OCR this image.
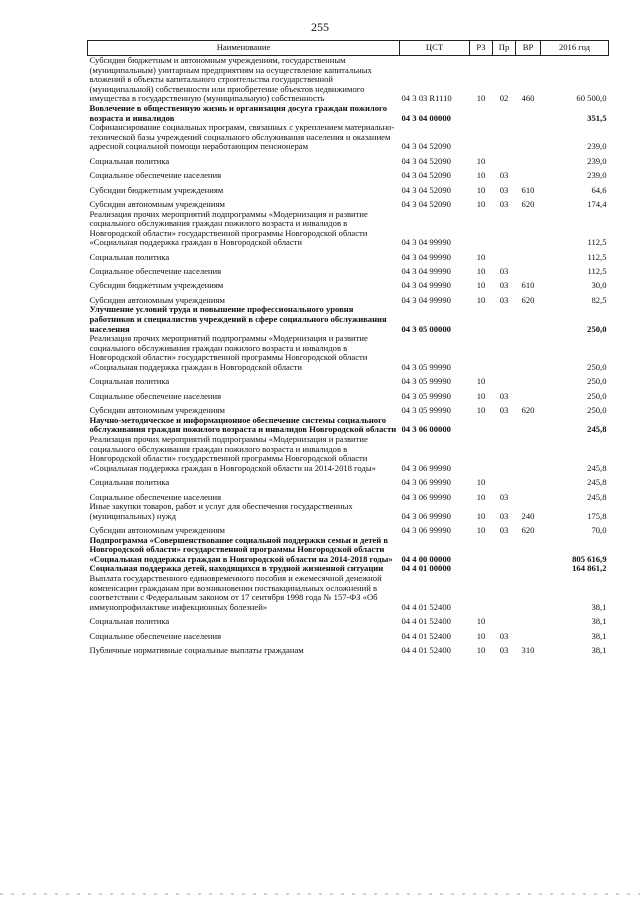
255
Наименование	ЦСТ	РЗ	Пр	ВР	2016 год
Субсидии бюджетным и автономным учреждениям, государственным (муниципальным) унитарным предприятиям на осуществление капитальных вложений в объекты капитального строительства государственной (муниципальной) собственности или приобретение объектов недвижимого имущества в государственную (муниципальную) собственность	04 3 03 R1110	10	02	460	60 500,0
Вовлечение в общественную жизнь и организация досуга граждан пожилого возраста и инвалидов	04 3 04 00000				351,5
Софинансирование социальных программ, связанных с укреплением материально-технической базы учреждений социального обслуживания населения и оказанием адресной социальной помощи неработающим пенсионерам	04 3 04 52090				239,0
Социальная политика	04 3 04 52090	10			239,0
Социальное обеспечение населения	04 3 04 52090	10	03		239,0
Субсидии бюджетным учреждениям	04 3 04 52090	10	03	610	64,6
Субсидии автономным учреждениям	04 3 04 52090	10	03	620	174,4
Реализация прочих мероприятий подпрограммы «Модернизация и развитие социального обслуживания граждан пожилого возраста и инвалидов в Новгородской области» государственной программы Новгородской области «Социальная поддержка граждан в Новгородской области	04 3 04 99990				112,5
Социальная политика	04 3 04 99990	10			112,5
Социальное обеспечение населения	04 3 04 99990	10	03		112,5
Субсидии бюджетным учреждениям	04 3 04 99990	10	03	610	30,0
Субсидии автономным учреждениям	04 3 04 99990	10	03	620	82,5
Улучшение условий труда и повышение профессионального уровня работников и специалистов учреждений в сфере социального обслуживания населения	04 3 05 00000				250,0
Реализация прочих мероприятий подпрограммы «Модернизация и развитие социального обслуживания граждан пожилого возраста и инвалидов в Новгородской области» государственной программы Новгородской области «Социальная поддержка граждан в Новгородской области	04 3 05 99990				250,0
Социальная политика	04 3 05 99990	10			250,0
Социальное обеспечение населения	04 3 05 99990	10	03		250,0
Субсидии автономным учреждениям	04 3 05 99990	10	03	620	250,0
Научно-методическое и информационное обеспечение системы социального обслуживания граждан пожилого возраста и инвалидов Новгородской области	04 3 06 00000				245,8
Реализация прочих мероприятий подпрограммы «Модернизация и развитие социального обслуживания граждан пожилого возраста и инвалидов в Новгородской области» государственной программы Новгородской области «Социальная поддержка граждан в Новгородской области на 2014-2018 годы»	04 3 06 99990				245,8
Социальная политика	04 3 06 99990	10			245,8
Социальное обеспечение населения	04 3 06 99990	10	03		245,8
Иные закупки товаров, работ и услуг для обеспечения государственных (муниципальных) нужд	04 3 06 99990	10	03	240	175,8
Субсидии автономным учреждениям	04 3 06 99990	10	03	620	70,0
Подпрограмма «Совершенствование социальной поддержки семьи и детей в Новгородской области» государственной программы Новгородской области «Социальная поддержка граждан в Новгородской области на 2014-2018 годы»	04 4 00 00000				805 616,9
Социальная поддержка детей, находящихся в трудной жизненной ситуации	04 4 01 00000				164 861,2
Выплата государственного единовременного пособия и ежемесячной денежной компенсации гражданам при возникновении поствакцинальных осложнений в соответствии с Федеральным законом от 17 сентября 1998 года № 157-ФЗ «Об иммунопрофилактике инфекционных болезней»	04 4 01 52400				38,1
Социальная политика	04 4 01 52400	10			38,1
Социальное обеспечение населения	04 4 01 52400	10	03		38,1
Публичные нормативные социальные выплаты гражданам	04 4 01 52400	10	03	310	38,1
